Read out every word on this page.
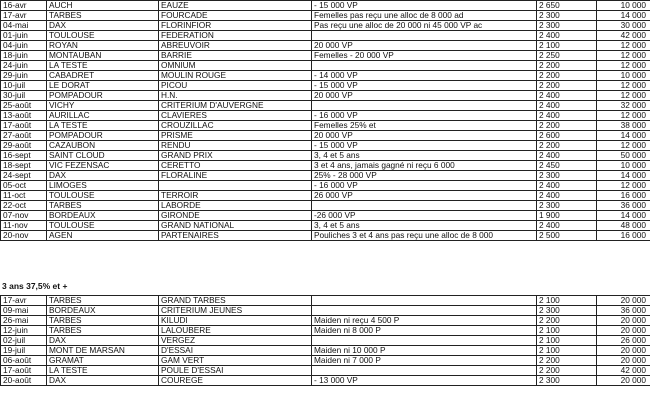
16-avr	AUCH	EAUZE	- 15 000 VP	2 650	10 000
17-avr	TARBES	FOURCADE	Femelles pas reçu une alloc de 8 000 ad	2 300	14 000
04-mai	DAX	FLORINFIOR	Pas reçu une alloc de 20 000 ni 45 000 VP ac	2 300	30 000
01-juin	TOULOUSE	FEDERATION		2 400	42 000
04-juin	ROYAN	ABREUVOIR	20 000 VP	2 100	12 000
18-juin	MONTAUBAN	BARRIE	Femelles - 20 000 VP	2 250	12 000
24-juin	LA TESTE	OMNIUM		2 200	12 000
29-juin	CABADRET	MOULIN ROUGE	- 14 000 VP	2 200	10 000
10-juil	LE DORAT	PICOU	- 15 000 VP	2 200	12 000
30-juil	POMPADOUR	H.N.	20 000 VP	2 400	12 000
25-août	VICHY	CRITERIUM D'AUVERGNE		2 400	32 000
13-août	AURILLAC	CLAVIERES	- 16 000 VP	2 400	12 000
17-août	LA TESTE	CROUZILLAC	Femelles 25% et	2 200	38 000
27-août	POMPADOUR	PRISME	20 000 VP	2 600	14 000
29-août	CAZAUBON	RENDU	- 15 000 VP	2 200	12 000
16-sept	SAINT CLOUD	GRAND PRIX	3, 4 et 5 ans	2 400	50 000
18-sept	VIC FEZENSAC	CERETTO	3 et 4 ans, jamais gagné ni reçu 6 000	2 450	10 000
24-sept	DAX	FLORALINE	25% - 28 000 VP	2 300	14 000
05-oct	LIMOGES		- 16 000 VP	2 400	12 000
11-oct	TOULOUSE	TERROIR	26 000 VP	2 400	16 000
22-oct	TARBES	LABORDE		2 300	36 000
07-nov	BORDEAUX	GIRONDE	-26 000 VP	1 900	14 000
11-nov	TOULOUSE	GRAND NATIONAL	3, 4 et 5 ans	2 400	48 000
20-nov	AGEN	PARTENAIRES	Pouliches 3 et 4 ans pas reçu une alloc de 8 000	2 500	16 000
3 ans 37,5% et +
17-avr	TARBES	GRAND TARBES		2 100	20 000
09-mai	BORDEAUX	CRITERIUM JEUNES		2 300	36 000
26-mai	TARBES	KILUDI	Maiden ni reçu 4 500 P	2 200	20 000
12-juin	TARBES	LALOUBERE	Maiden ni 8 000 P	2 100	20 000
02-juil	DAX	VERGEZ		2 100	26 000
19-juil	MONT DE MARSAN	D'ESSAI	Maiden ni 10 000 P	2 100	20 000
06-août	GRAMAT	GAM VERT	Maiden ni 7 000 P	2 200	20 000
17-août	LA TESTE	POULE D'ESSAI		2 200	42 000
20-août	DAX	COUREGE	- 13 000 VP	2 300	20 000
